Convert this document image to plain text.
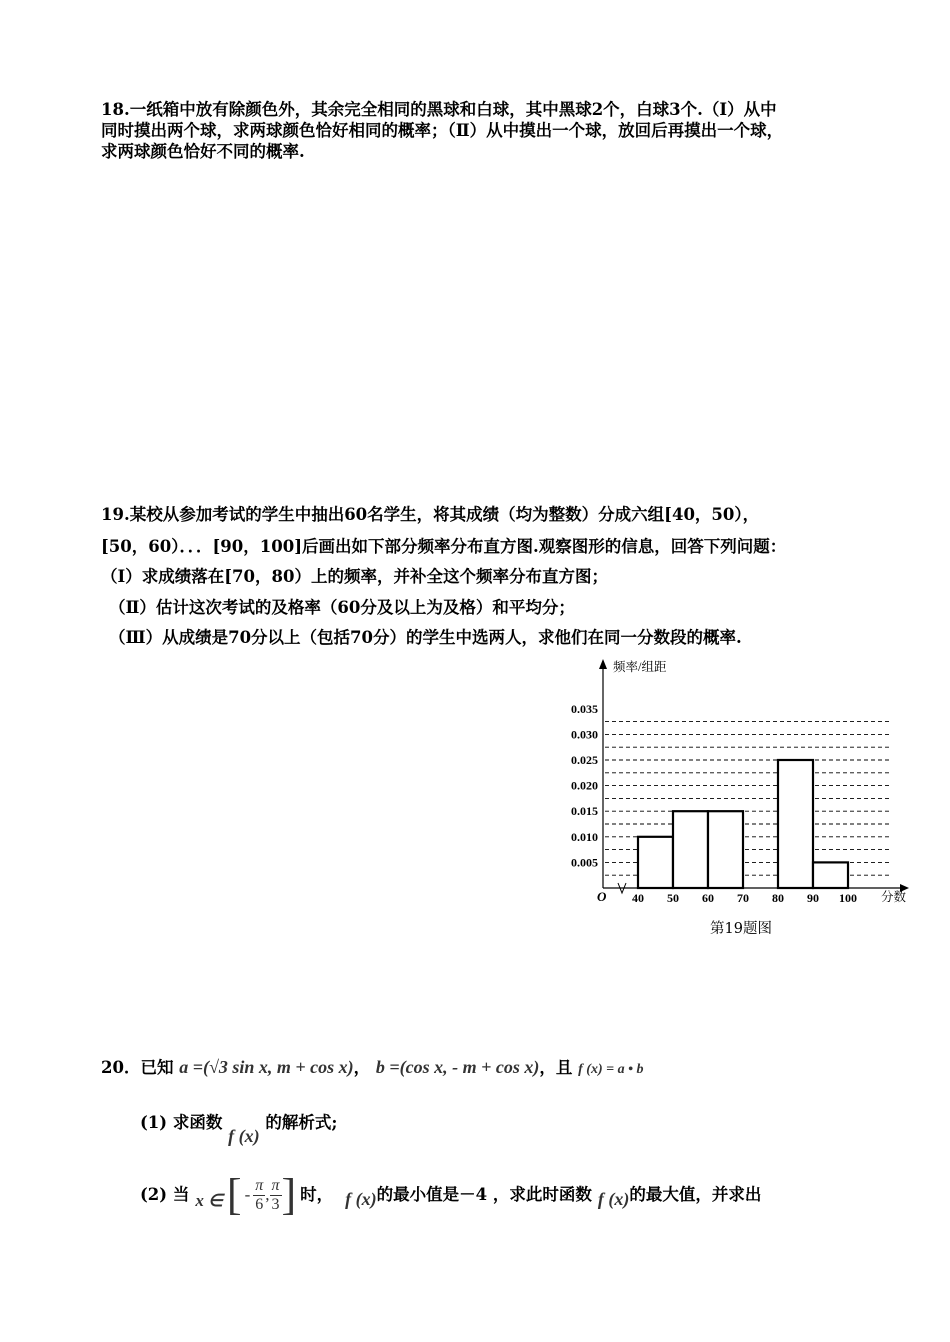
18.一纸箱中放有除颜色外，其余完全相同的黑球和白球，其中黑球2个，白球3个.（Ⅰ）从中
同时摸出两个球，求两球颜色恰好相同的概率；（Ⅱ）从中摸出一个球，放回后再摸出一个球，
求两球颜色恰好不同的概率.
19.某校从参加考试的学生中抽出60名学生，将其成绩（均为整数）分成六组[40，50），
[50，60）．．．[90，100]后画出如下部分频率分布直方图.观察图形的信息，回答下列问题：
（Ⅰ）求成绩落在[70，80）上的频率，并补全这个频率分布直方图；
（Ⅱ）估计这次考试的及格率（60分及以上为及格）和平均分；
（Ⅲ）从成绩是70分以上（包括70分）的学生中选两人，求他们在同一分数段的概率.
频率/组距
分数
O 40 50 60 70 80 90 100
0.005
0.010
0.015
0.020
0.025
0.030
0.035
第19题图
20．已知 a =(√3 sin x, m + cos x)， b =(cos x, - m + cos x)，且 f (x) = a • b
(1) 求函数 f (x) 的解析式;
(2) 当 x ∈ [ - $\frac{\pi}{6}$ , $\frac{\pi}{3}$ ] 时， f (x) 的最小值是－4 ，求此时函数 f (x) 的最大值，并求出
